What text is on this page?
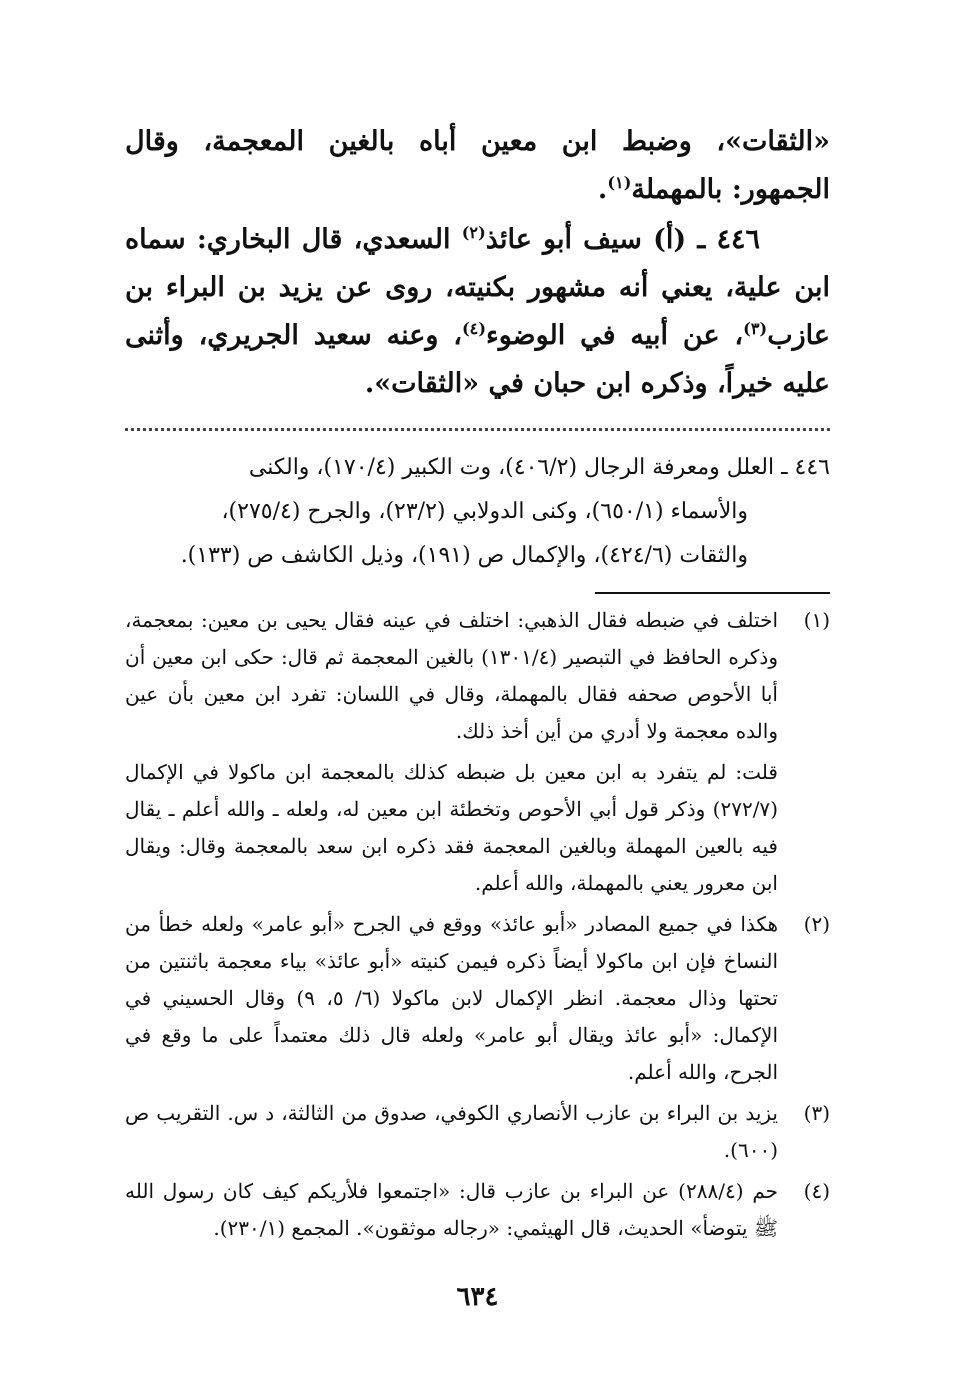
«الثقات»، وضبط ابن معين أباه بالغين المعجمة، وقال الجمهور: بالمهملة$^{(١)}$.

٤٤٦ ـ (أ) سيف أبو عائذ$^{(٢)}$ السعدي، قال البخاري: سماه ابن علية، يعني أنه مشهور بكنيته، روى عن يزيد بن البراء بن عازب$^{(٣)}$، عن أبيه في الوضوء$^{(٤)}$، وعنه سعيد الجريري، وأثنى عليه خيراً، وذكره ابن حبان في «الثقات».

٤٤٦ ـ العلل ومعرفة الرجال (٤٠٦/٢)، وت الكبير (١٧٠/٤)، والكنى

والأسماء (٦٥٠/١)، وكنى الدولابي (٢٣/٢)، والجرح (٢٧٥/٤)،

والثقات (٤٢٤/٦)، والإكمال ص (١٩١)، وذيل الكاشف ص (١٣٣).

(١)

اختلف في ضبطه فقال الذهبي: اختلف في عينه فقال يحيى بن معين: بمعجمة، وذكره الحافظ في التبصير (١٣٠١/٤) بالغين المعجمة ثم قال: حكى ابن معين أن أبا الأحوص صحفه فقال بالمهملة، وقال في اللسان: تفرد ابن معين بأن عين والده معجمة ولا أدري من أين أخذ ذلك.

قلت: لم يتفرد به ابن معين بل ضبطه كذلك بالمعجمة ابن ماكولا في الإكمال (٢٧٢/٧) وذكر قول أبي الأحوص وتخطئة ابن معين له، ولعله ـ والله أعلم ـ يقال فيه بالعين المهملة وبالغين المعجمة فقد ذكره ابن سعد بالمعجمة وقال: ويقال ابن معرور يعني بالمهملة، والله أعلم.

(٢)

هكذا في جميع المصادر «أبو عائذ» ووقع في الجرح «أبو عامر» ولعله خطأ من النساخ فإن ابن ماكولا أيضاً ذكره فيمن كنيته «أبو عائذ» بياء معجمة باثنتين من تحتها وذال معجمة. انظر الإكمال لابن ماكولا (٦/ ٥، ٩) وقال الحسيني في الإكمال: «أبو عائذ ويقال أبو عامر» ولعله قال ذلك معتمداً على ما وقع في الجرح، والله أعلم.

(٣)

يزيد بن البراء بن عازب الأنصاري الكوفي، صدوق من الثالثة، د س. التقريب ص (٦٠٠).

(٤)

حم (٢٨٨/٤) عن البراء بن عازب قال: «اجتمعوا فلأريكم كيف كان رسول الله ﷺ يتوضأ» الحديث، قال الهيثمي: «رجاله موثقون». المجمع (٢٣٠/١).

٦٣٤
